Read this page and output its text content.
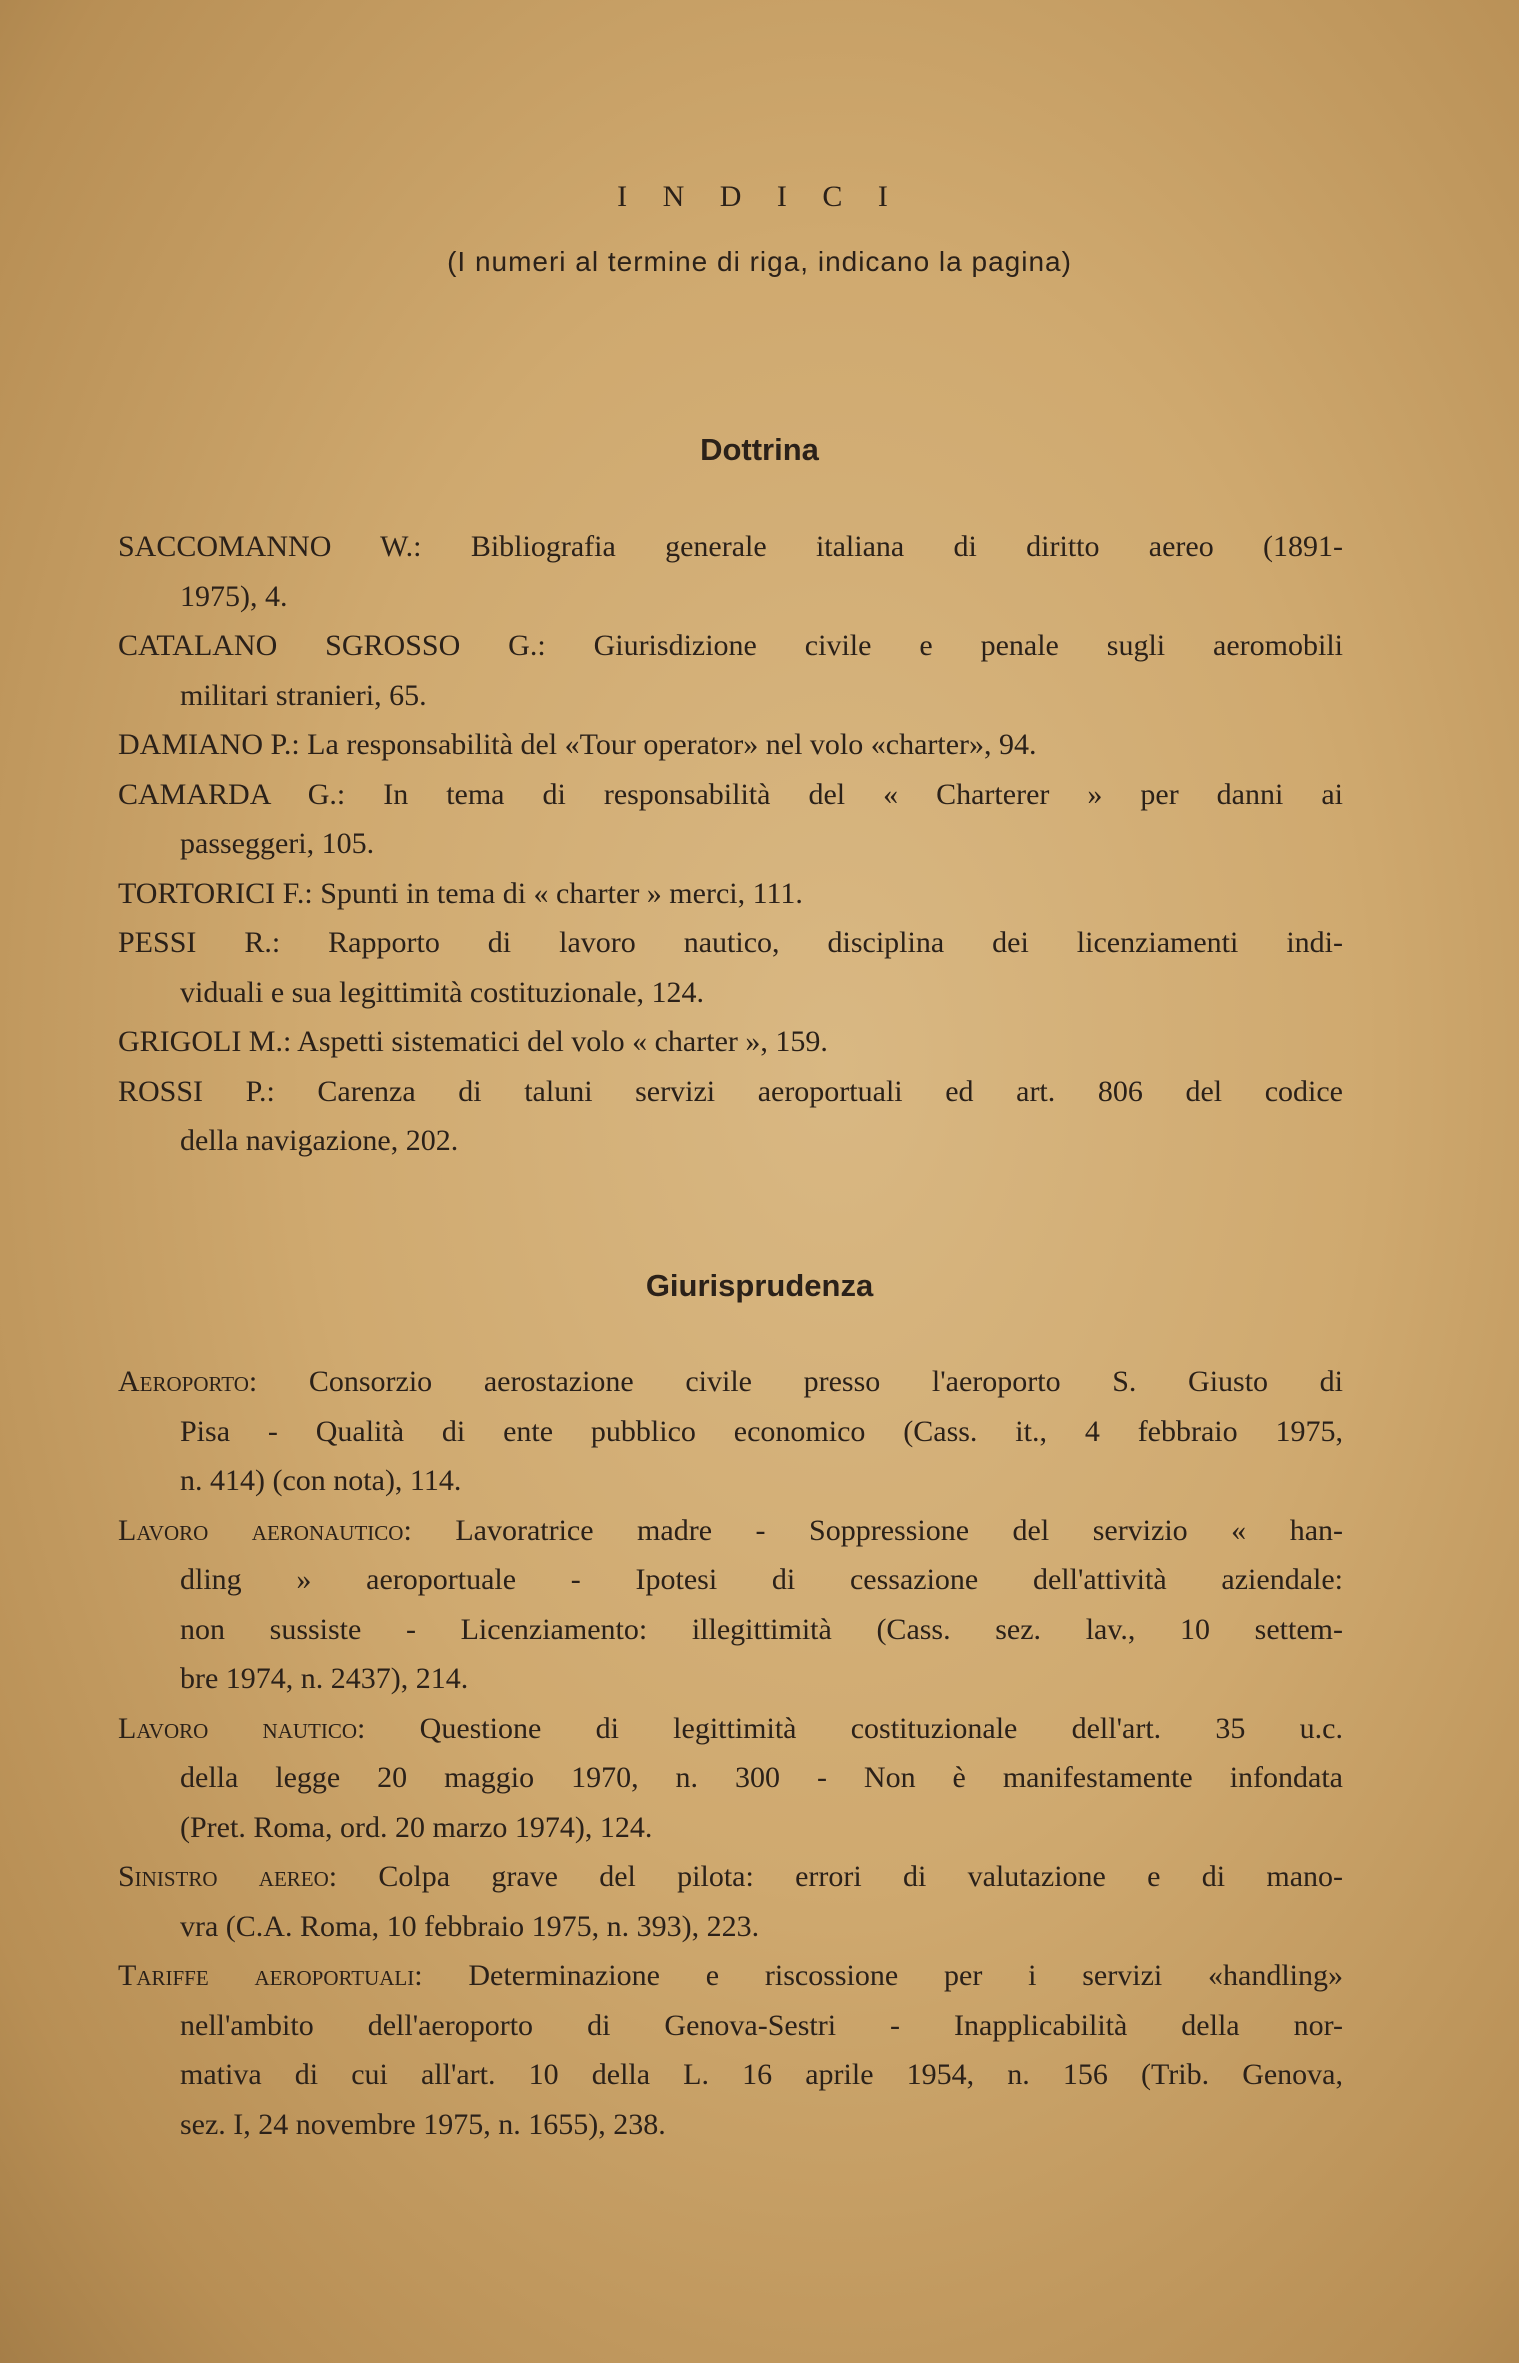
I N D I C I
(I numeri al termine di riga, indicano la pagina)
Dottrina
SACCOMANNO W.: Bibliografia generale italiana di diritto aereo (1891-
1975), 4.
CATALANO SGROSSO G.: Giurisdizione civile e penale sugli aeromobili
militari stranieri, 65.
DAMIANO P.: La responsabilità del «Tour operator» nel volo «charter», 94.
CAMARDA G.: In tema di responsabilità del « Charterer » per danni ai
passeggeri, 105.
TORTORICI F.: Spunti in tema di « charter » merci, 111.
PESSI R.: Rapporto di lavoro nautico, disciplina dei licenziamenti indi-
viduali e sua legittimità costituzionale, 124.
GRIGOLI M.: Aspetti sistematici del volo « charter », 159.
ROSSI P.: Carenza di taluni servizi aeroportuali ed art. 806 del codice
della navigazione, 202.
Giurisprudenza
Aeroporto: Consorzio aerostazione civile presso l'aeroporto S. Giusto di
Pisa - Qualità di ente pubblico economico (Cass. it., 4 febbraio 1975,
n. 414) (con nota), 114.
Lavoro aeronautico: Lavoratrice madre - Soppressione del servizio « han-
dling » aeroportuale - Ipotesi di cessazione dell'attività aziendale:
non sussiste - Licenziamento: illegittimità (Cass. sez. lav., 10 settem-
bre 1974, n. 2437), 214.
Lavoro nautico: Questione di legittimità costituzionale dell'art. 35 u.c.
della legge 20 maggio 1970, n. 300 - Non è manifestamente infondata
(Pret. Roma, ord. 20 marzo 1974), 124.
Sinistro aereo: Colpa grave del pilota: errori di valutazione e di mano-
vra (C.A. Roma, 10 febbraio 1975, n. 393), 223.
Tariffe aeroportuali: Determinazione e riscossione per i servizi «handling»
nell'ambito dell'aeroporto di Genova-Sestri - Inapplicabilità della nor-
mativa di cui all'art. 10 della L. 16 aprile 1954, n. 156 (Trib. Genova,
sez. I, 24 novembre 1975, n. 1655), 238.
